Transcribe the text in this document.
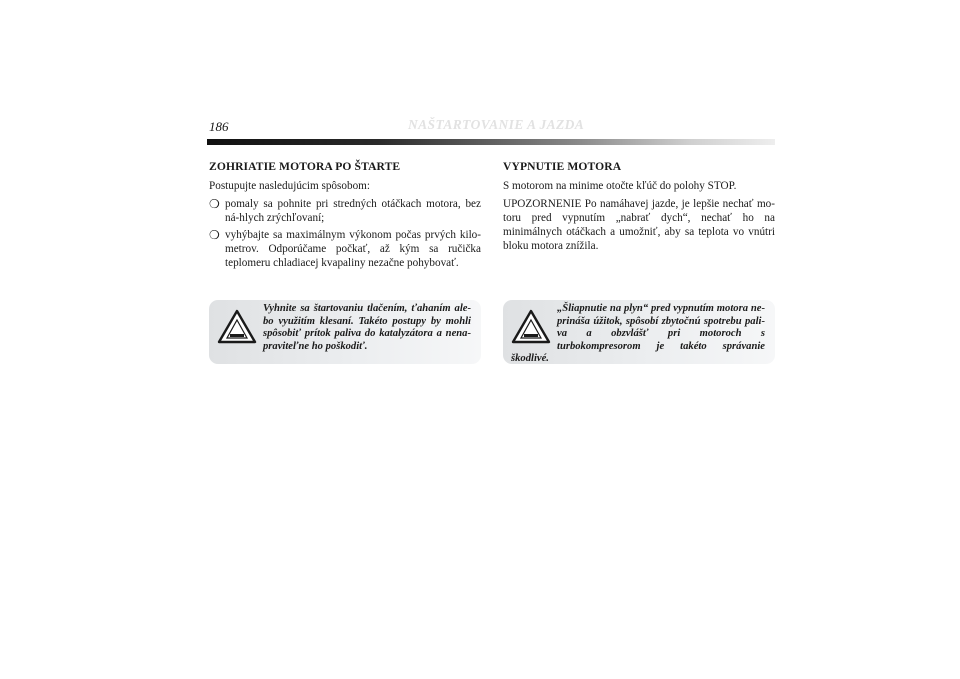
186	NAŠTARTOVANIE A JAZDA
ZOHRIATIE MOTORA PO ŠTARTE

Postupujte nasledujúcim spôsobom:

❍ pomaly sa pohnite pri stredných otáčkach motora, bez ná-hlych zrýchľovaní;
❍ vyhýbajte sa maximálnym výkonom počas prvých kilo-metrov. Odporúčame počkať, až kým sa ručička teplomeru chladiacej kvapaliny nezačne pohybovať.
VYPNUTIE MOTORA

S motorom na minime otočte kľúč do polohy STOP.

UPOZORNENIE Po namáhavej jazde, je lepšie nechať mo-toru pred vypnutím „nabrať dych“, nechať ho na minimálnych otáčkach a umožniť, aby sa teplota vo vnútri bloku motora znížila.

Vyhnite sa štartovaniu tlačením, ťahaním ale-bo využitím klesaní. Takéto postupy by mohli spôsobiť prítok paliva do katalyzátora a nena-praviteľne ho poškodiť.

„Šliapnutie na plyn“ pred vypnutím motora ne-prináša úžitok, spôsobí zbytočnú spotrebu pali-va a obzvlášť pri motoroch s turbokompresorom je takéto správanie škodlivé.
